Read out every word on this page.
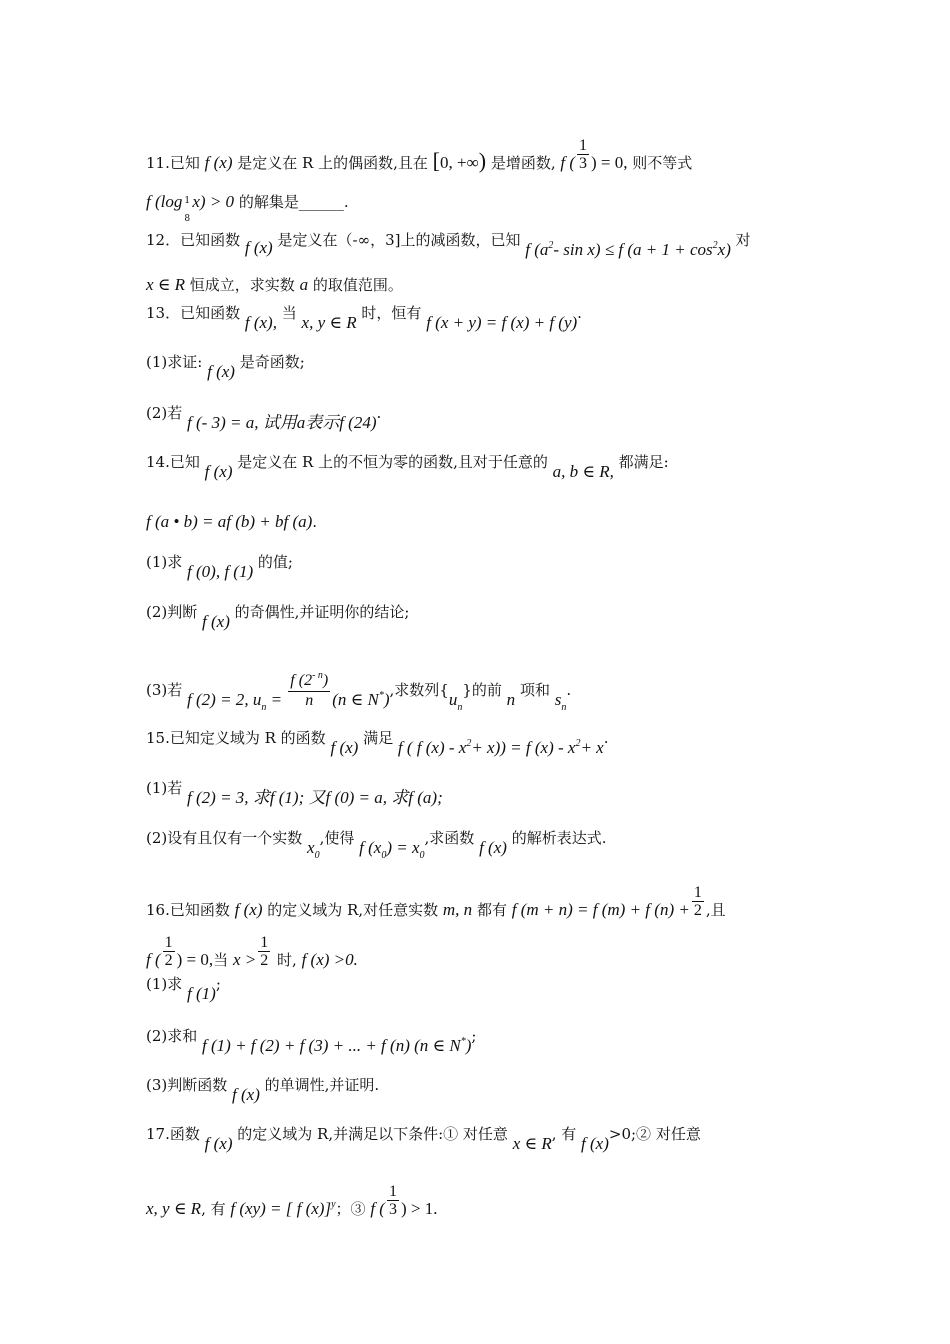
11.已知 f (x) 是定义在 R 上的偶函数,且在 [0, +∞) 是增函数, f ( $\frac{1}{3}$ ) = 0, 则不等式
f (log 1
8
x) > 0 的解集是______.
12．已知函数 f (x) 是定义在（-∞，3]上的减函数，已知 f (a2- sin x) ≤ f (a + 1 + cos2x) 对
x ∈ R 恒成立，求实数 a 的取值范围。
13．已知函数 f (x), 当 x, y ∈ R 时，恒有 f (x + y) = f (x) + f (y).
(1)求证: f (x) 是奇函数;
(2)若 f (- 3) = a, 试用a表示f (24).
14.已知 f (x) 是定义在 R 上的不恒为零的函数,且对于任意的 a, b ∈ R, 都满足:
f (a • b) = af (b) + bf (a).
(1)求 f (0), f (1) 的值;
(2)判断 f (x) 的奇偶性,并证明你的结论;
(3)若 f (2) = 2, un = $\frac{f (2- n)}{n} (n$ ∈ N*),求数列{un}的前 n 项和 sn.
15.已知定义域为 R 的函数 f (x) 满足 f ( f (x) - x2+ x)) = f (x) - x2+ x.
(1)若 f (2) = 3, 求f (1); 又f (0) = a, 求f (a);
(2)设有且仅有一个实数 x0,使得 f (x0) = x0,求函数 f (x) 的解析表达式.
16.已知函数 f (x) 的定义域为 R,对任意实数 m, n 都有 f (m + n) = f (m) + f $(n) + \frac{1}{2}$ ,且
f ( $\frac{1}{2}$ ) = 0,当 $x > \frac{1}{2}$ 时, f (x) >0.
(1)求 f (1);
(2)求和 f (1) + f (2) + f (3) + ... + f (n) (n ∈ N*);
(3)判断函数 f (x) 的单调性,并证明.
17.函数 f (x) 的定义域为 R,并满足以下条件:① 对任意 x ∈ R, 有 f (x)>0;② 对任意
x, y ∈ R, 有 f (xy) = [ f (x)]y；③ f ( $\frac{1}{3}$ ) > 1.
